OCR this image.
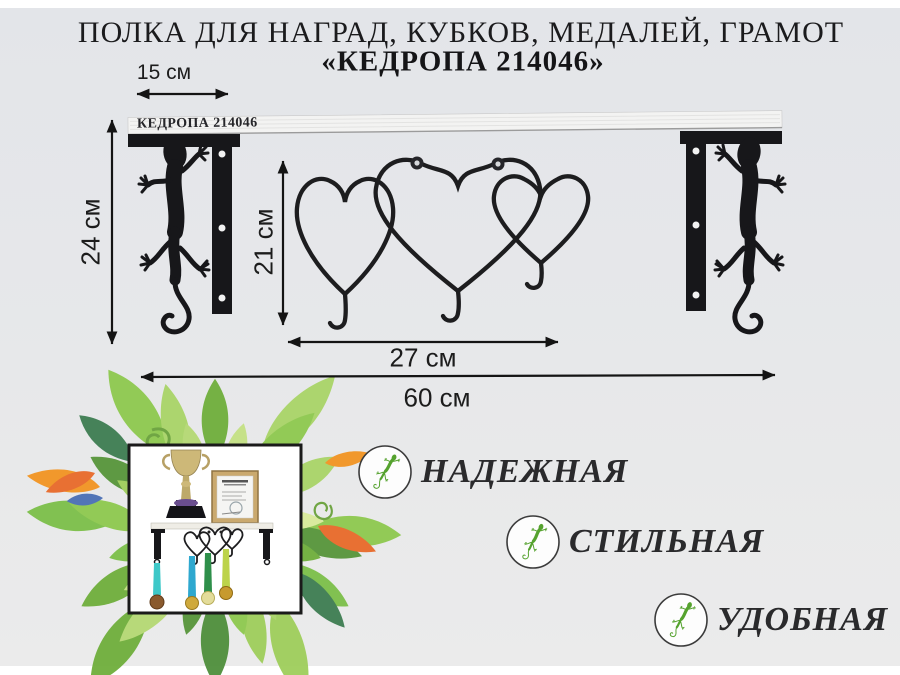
ПОЛКА ДЛЯ НАГРАД, КУБКОВ, МЕДАЛЕЙ, ГРАМОТ
«КЕДРОПА 214046»
КЕДРОПА 214046
15 см
24 см	21 см
27 см
60 см
НАДЕЖНАЯ
СТИЛЬНАЯ
УДОБНАЯ
